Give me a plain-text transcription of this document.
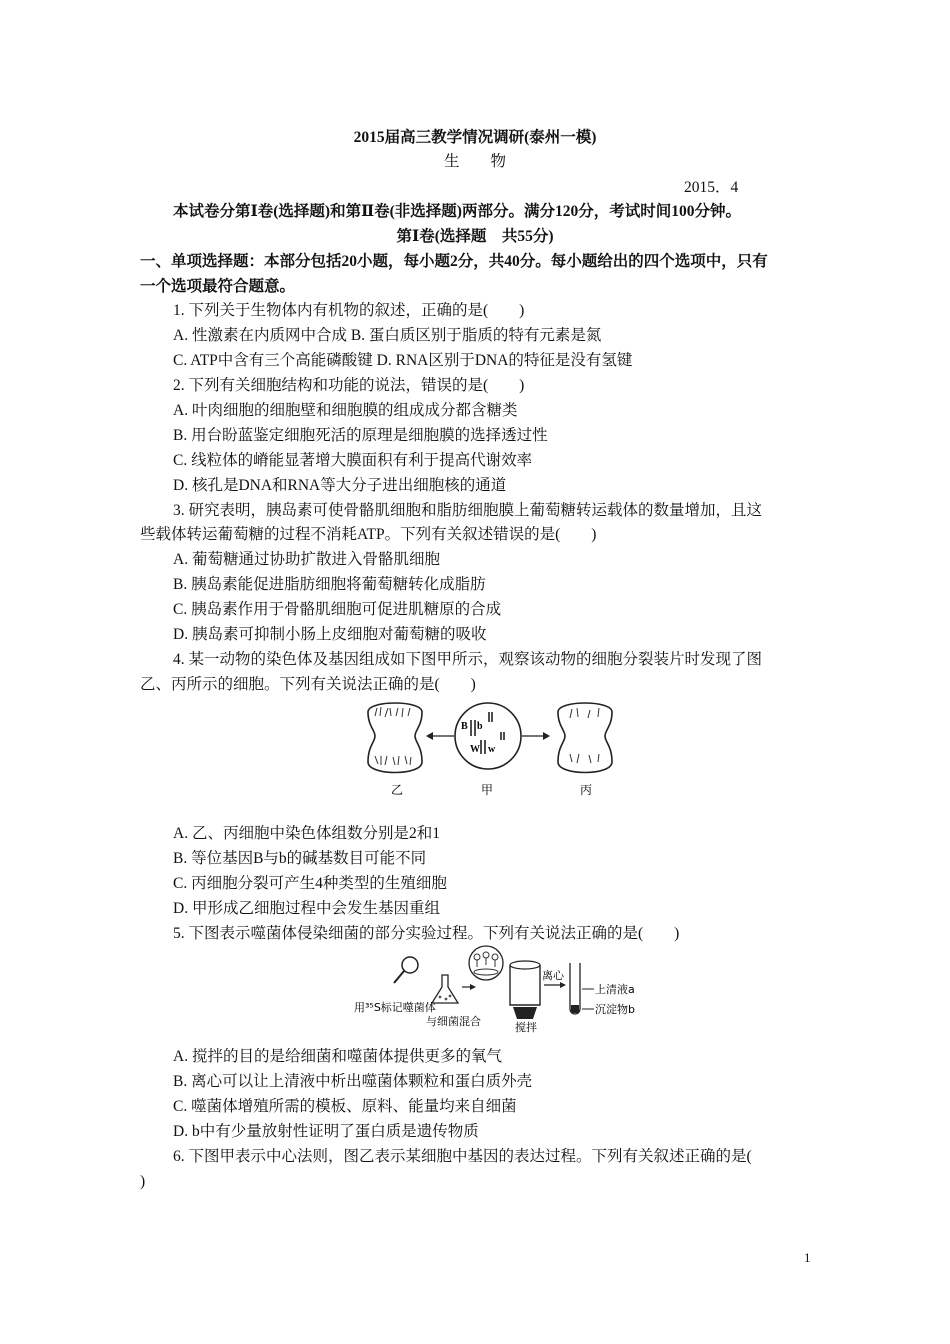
2015届高三教学情况调研(泰州一模)
生　　物
2015．4
本试卷分第Ⅰ卷(选择题)和第Ⅱ卷(非选择题)两部分。满分120分，考试时间100分钟。
第Ⅰ卷(选择题　共55分)
一、单项选择题：本部分包括20小题，每小题2分，共40分。每小题给出的四个选项中，只有
一个选项最符合题意。
1. 下列关于生物体内有机物的叙述，正确的是(　　)
A. 性激素在内质网中合成 B. 蛋白质区别于脂质的特有元素是氮
C. ATP中含有三个高能磷酸键 D. RNA区别于DNA的特征是没有氢键
2. 下列有关细胞结构和功能的说法，错误的是(　　)
A. 叶肉细胞的细胞壁和细胞膜的组成成分都含糖类
B. 用台盼蓝鉴定细胞死活的原理是细胞膜的选择透过性
C. 线粒体的嵴能显著增大膜面积有利于提高代谢效率
D. 核孔是DNA和RNA等大分子进出细胞核的通道
3. 研究表明，胰岛素可使骨骼肌细胞和脂肪细胞膜上葡萄糖转运载体的数量增加，且这
些载体转运葡萄糖的过程不消耗ATP。下列有关叙述错误的是(　　)
A. 葡萄糖通过协助扩散进入骨骼肌细胞
B. 胰岛素能促进脂肪细胞将葡萄糖转化成脂肪
C. 胰岛素作用于骨骼肌细胞可促进肌糖原的合成
D. 胰岛素可抑制小肠上皮细胞对葡萄糖的吸收
4. 某一动物的染色体及基因组成如下图甲所示，观察该动物的细胞分裂装片时发现了图
乙、丙所示的细胞。下列有关说法正确的是(　　)
B b
W w
乙	甲	丙
A. 乙、丙细胞中染色体组数分别是2和1
B. 等位基因B与b的碱基数目可能不同
C. 丙细胞分裂可产生4种类型的生殖细胞
D. 甲形成乙细胞过程中会发生基因重组
5. 下图表示噬菌体侵染细菌的部分实验过程。下列有关说法正确的是(　　)
离心
上清液a
沉淀物b
用³⁵S标记噬菌体
与细菌混合	搅拌
A. 搅拌的目的是给细菌和噬菌体提供更多的氧气
B. 离心可以让上清液中析出噬菌体颗粒和蛋白质外壳
C. 噬菌体增殖所需的模板、原料、能量均来自细菌
D. b中有少量放射性证明了蛋白质是遗传物质
6. 下图甲表示中心法则，图乙表示某细胞中基因的表达过程。下列有关叙述正确的是(
)
1
